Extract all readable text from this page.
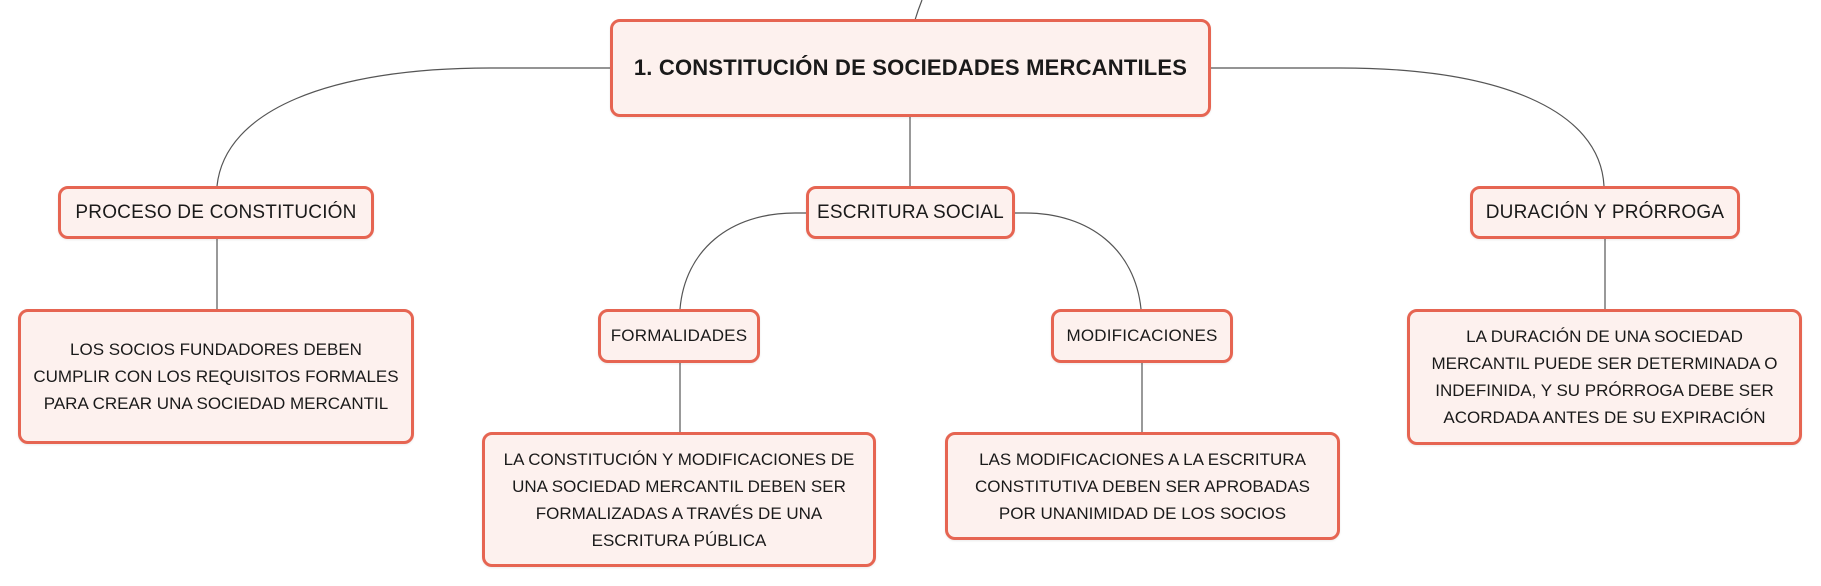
1. CONSTITUCIÓN DE SOCIEDADES MERCANTILES
PROCESO DE CONSTITUCIÓN	ESCRITURA SOCIAL	DURACIÓN Y PRÓRROGA
LOS SOCIOS FUNDADORES DEBEN CUMPLIR CON LOS REQUISITOS FORMALES PARA CREAR UNA SOCIEDAD MERCANTIL
FORMALIDADES	MODIFICACIONES	LA DURACIÓN DE UNA SOCIEDAD MERCANTIL PUEDE SER DETERMINADA O INDEFINIDA, Y SU PRÓRROGA DEBE SER ACORDADA ANTES DE SU EXPIRACIÓN
LA CONSTITUCIÓN Y MODIFICACIONES DE UNA SOCIEDAD MERCANTIL DEBEN SER FORMALIZADAS A TRAVÉS DE UNA ESCRITURA PÚBLICA
LAS MODIFICACIONES A LA ESCRITURA CONSTITUTIVA DEBEN SER APROBADAS POR UNANIMIDAD DE LOS SOCIOS
